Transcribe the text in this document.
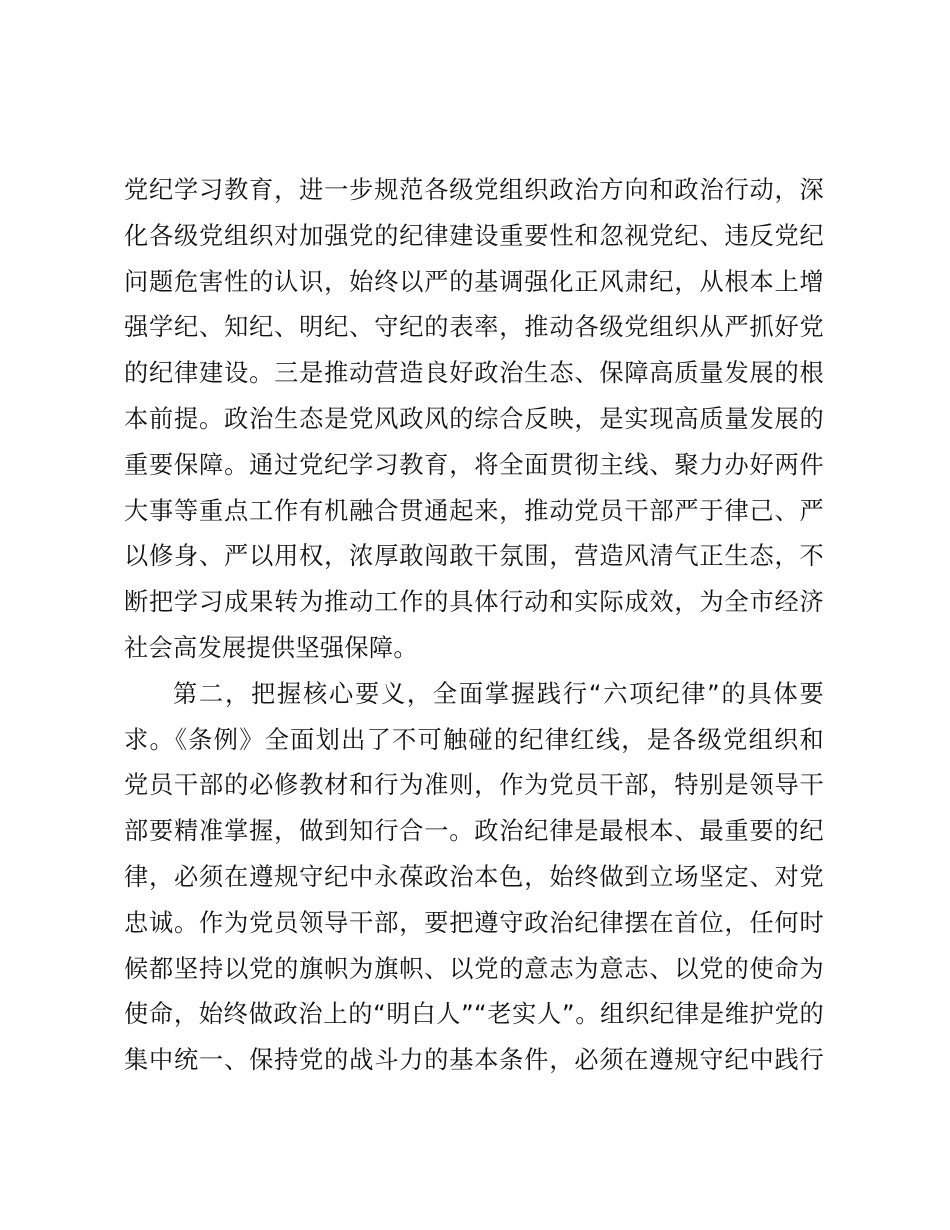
党纪学习教育，进一步规范各级党组织政治方向和政治行动，深
化各级党组织对加强党的纪律建设重要性和忽视党纪、违反党纪
问题危害性的认识，始终以严的基调强化正风肃纪，从根本上增
强学纪、知纪、明纪、守纪的表率，推动各级党组织从严抓好党
的纪律建设。三是推动营造良好政治生态、保障高质量发展的根
本前提。政治生态是党风政风的综合反映，是实现高质量发展的
重要保障。通过党纪学习教育，将全面贯彻主线、聚力办好两件
大事等重点工作有机融合贯通起来，推动党员干部严于律己、严
以修身、严以用权，浓厚敢闯敢干氛围，营造风清气正生态，不
断把学习成果转为推动工作的具体行动和实际成效，为全市经济
社会高发展提供坚强保障。
第二，把握核心要义，全面掌握践行“六项纪律”的具体要
求。《条例》全面划出了不可触碰的纪律红线，是各级党组织和
党员干部的必修教材和行为准则，作为党员干部，特别是领导干
部要精准掌握，做到知行合一。政治纪律是最根本、最重要的纪
律，必须在遵规守纪中永葆政治本色，始终做到立场坚定、对党
忠诚。作为党员领导干部，要把遵守政治纪律摆在首位，任何时
候都坚持以党的旗帜为旗帜、以党的意志为意志、以党的使命为
使命，始终做政治上的“明白人”“老实人”。组织纪律是维护党的
集中统一、保持党的战斗力的基本条件，必须在遵规守纪中践行
